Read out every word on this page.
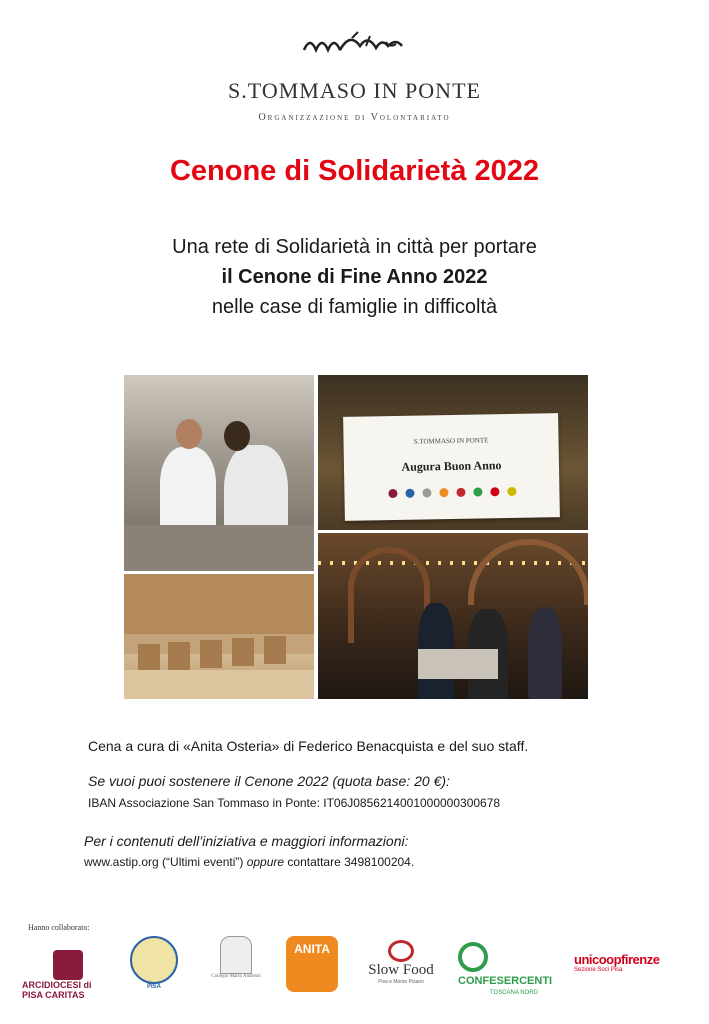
S.TOMMASO IN PONTE
Organizzazione di Volontariato
Cenone di Solidarietà 2022
Una rete di Solidarietà in città per portare
il Cenone di Fine Anno 2022
nelle case di famiglie in difficoltà
S.TOMMASO IN PONTE
Augura Buon Anno
Cena a cura di «Anita Osteria» di Federico Benacquista e del suo staff.
Se vuoi puoi sostenere il Cenone 2022 (quota base: 20 €):
IBAN Associazione San Tommaso in Ponte: IT06J0856214001000000300678
Per i contenuti dell’iniziativa e maggiori informazioni:
www.astip.org (“Ultimi eventi”) oppure contattare 3498100204.
Hanno collaborato:
ARCIDIOCESI di PISA CARITAS
PISA
Collegio Mario Andreini
ANITA
Slow Food
Pisa e Monte Pisano	CONFESERCENTI
TOSCANA NORD
unicoopfirenze
Sezione Soci Pisa
